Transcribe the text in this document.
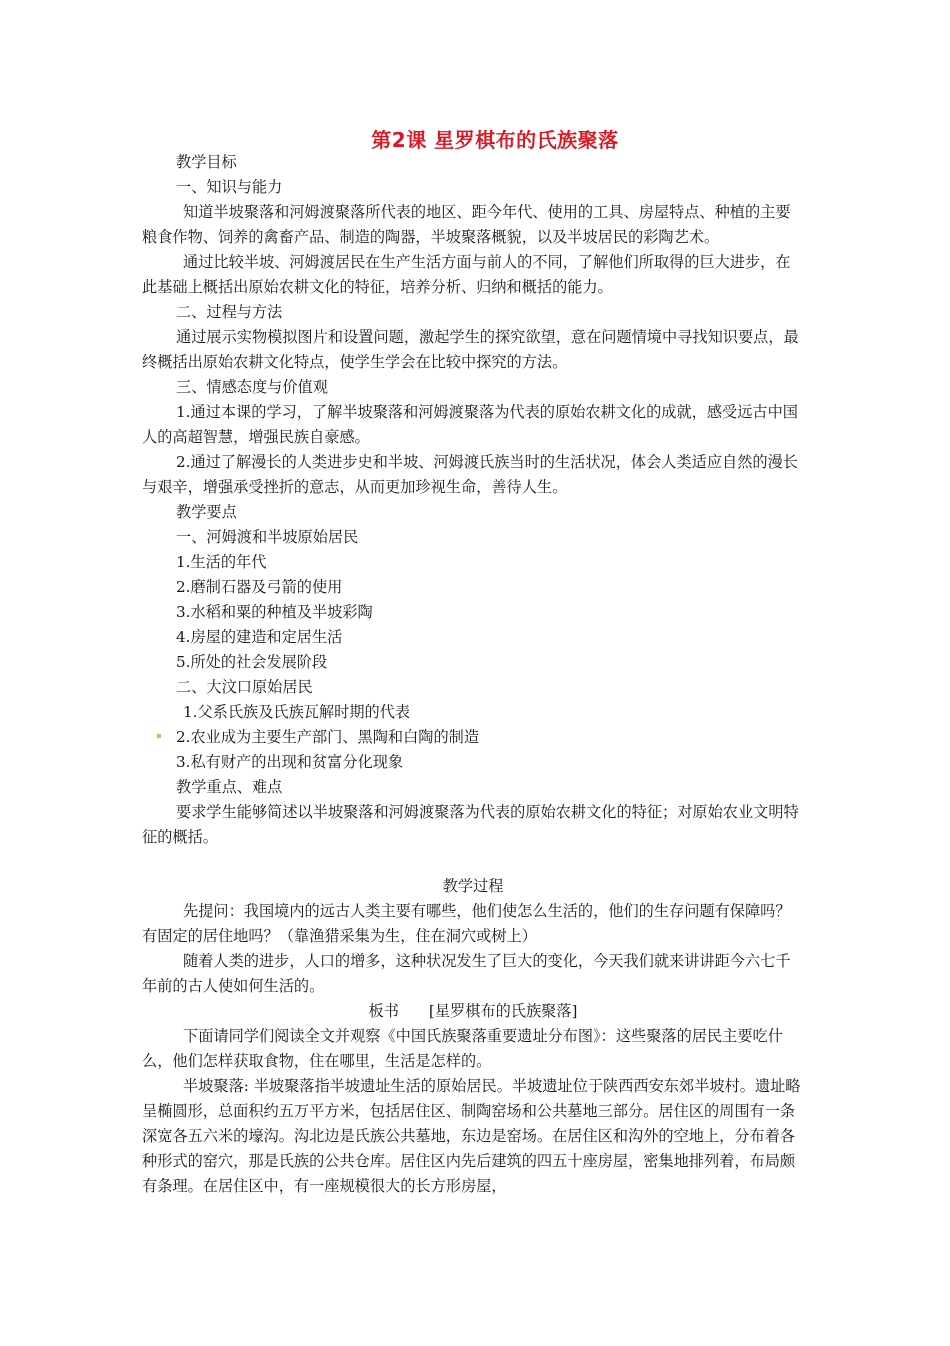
第2课 星罗棋布的氏族聚落

教学目标

一、知识与能力

知道半坡聚落和河姆渡聚落所代表的地区、距今年代、使用的工具、房屋特点、种植的主要粮食作物、饲养的禽畜产品、制造的陶器，半坡聚落概貌，以及半坡居民的彩陶艺术。

通过比较半坡、河姆渡居民在生产生活方面与前人的不同，了解他们所取得的巨大进步，在此基础上概括出原始农耕文化的特征，培养分析、归纳和概括的能力。

二、过程与方法

通过展示实物模拟图片和设置问题，激起学生的探究欲望，意在问题情境中寻找知识要点，最终概括出原始农耕文化特点，使学生学会在比较中探究的方法。

三、情感态度与价值观

1.通过本课的学习，了解半坡聚落和河姆渡聚落为代表的原始农耕文化的成就，感受远古中国人的高超智慧，增强民族自豪感。

2.通过了解漫长的人类进步史和半坡、河姆渡氏族当时的生活状况，体会人类适应自然的漫长与艰辛，增强承受挫折的意志，从而更加珍视生命，善待人生。

教学要点

一、河姆渡和半坡原始居民

1.生活的年代

2.磨制石器及弓箭的使用

3.水稻和粟的种植及半坡彩陶

4.房屋的建造和定居生活

5.所处的社会发展阶段

二、大汶口原始居民

1.父系氏族及氏族瓦解时期的代表

2.农业成为主要生产部门、黑陶和白陶的制造

3.私有财产的出现和贫富分化现象

教学重点、难点

要求学生能够简述以半坡聚落和河姆渡聚落为代表的原始农耕文化的特征；对原始农业文明特征的概括。

教学过程

先提问：我国境内的远古人类主要有哪些，他们使怎么生活的，他们的生存问题有保障吗？有固定的居住地吗？（靠渔猎采集为生，住在洞穴或树上）

随着人类的进步，人口的增多，这种状况发生了巨大的变化，今天我们就来讲讲距今六七千年前的古人使如何生活的。

板书 [星罗棋布的氏族聚落]

下面请同学们阅读全文并观察《中国氏族聚落重要遗址分布图》：这些聚落的居民主要吃什么，他们怎样获取食物，住在哪里，生活是怎样的。

半坡聚落: 半坡聚落指半坡遗址生活的原始居民。半坡遗址位于陕西西安东郊半坡村。遗址略呈椭圆形，总面积约五万平方米，包括居住区、制陶窑场和公共墓地三部分。居住区的周围有一条深宽各五六米的壕沟。沟北边是氏族公共墓地，东边是窑场。在居住区和沟外的空地上，分布着各种形式的窑穴，那是氏族的公共仓库。居住区内先后建筑的四五十座房屋，密集地排列着，布局颇有条理。在居住区中，有一座规模很大的长方形房屋，
